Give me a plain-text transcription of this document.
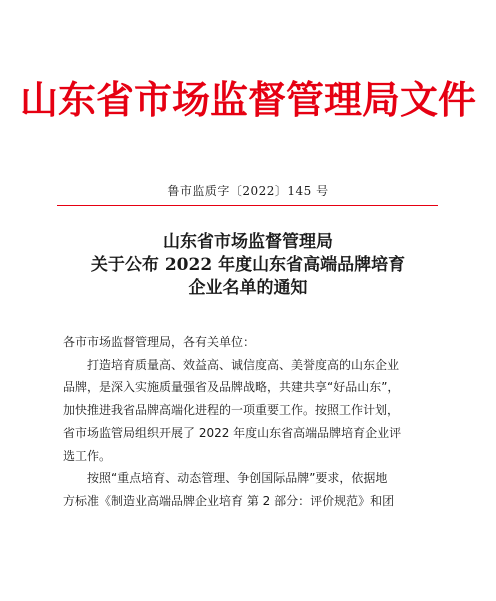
山东省市场监督管理局文件
鲁市监质字〔2022〕145 号
山东省市场监督管理局
关于公布 2022 年度山东省高端品牌培育
企业名单的通知
各市市场监督管理局，各有关单位：
打造培育质量高、效益高、诚信度高、美誉度高的山东企业
品牌，是深入实施质量强省及品牌战略，共建共享“好品山东”，
加快推进我省品牌高端化进程的一项重要工作。按照工作计划，
省市场监管局组织开展了 2022 年度山东省高端品牌培育企业评
选工作。
按照“重点培育、动态管理、争创国际品牌”要求，依据地
方标准《制造业高端品牌企业培育 第 2 部分：评价规范》和团
